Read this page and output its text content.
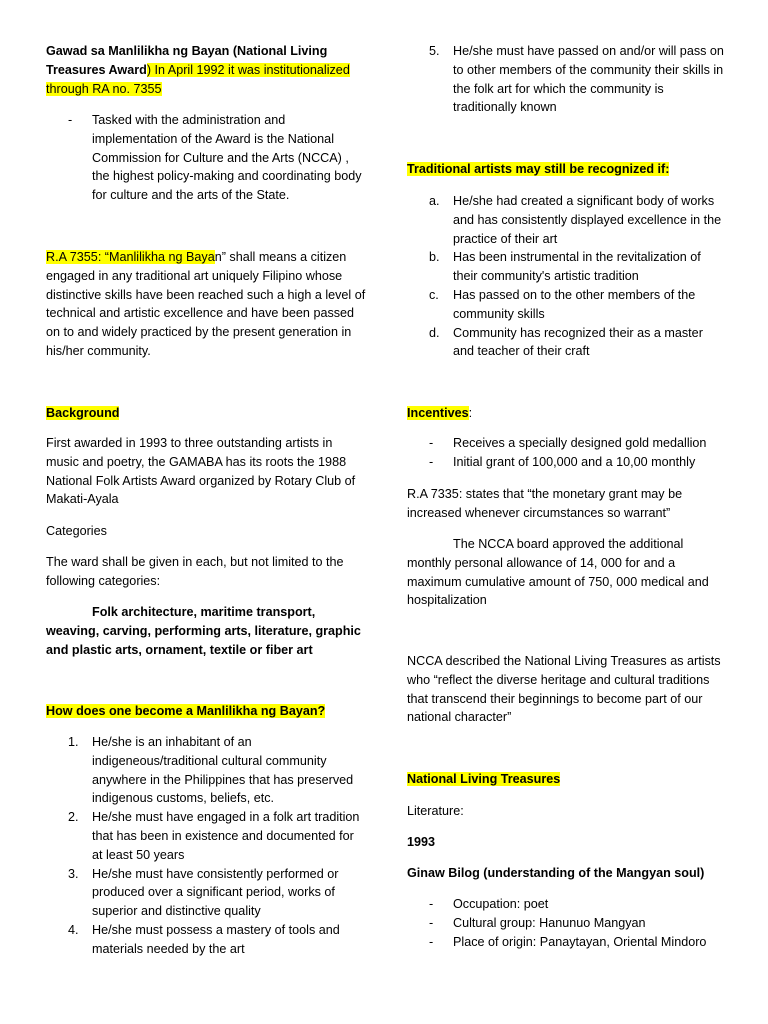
Gawad sa Manlilikha ng Bayan (National Living Treasures Award) In April 1992 it was institutionalized through RA no. 7355

- Tasked with the administration and implementation of the Award is the National Commission for Culture and the Arts (NCCA) , the highest policy-making and coordinating body for culture and the arts of the State.

R.A 7355: “Manlilikha ng Bayan” shall means a citizen engaged in any traditional art uniquely Filipino whose distinctive skills have been reached such a high a level of technical and artistic excellence and have been passed on to and widely practiced by the present generation in his/her community.

Background

First awarded in 1993 to three outstanding artists in music and poetry, the GAMABA has its roots the 1988 National Folk Artists Award organized by Rotary Club of Makati-Ayala

Categories

The ward shall be given in each, but not limited to the following categories:

Folk architecture, maritime transport, weaving, carving, performing arts, literature, graphic and plastic arts, ornament, textile or fiber art

How does one become a Manlilikha ng Bayan?

1. He/she is an inhabitant of an indigeneous/traditional cultural community anywhere in the Philippines that has preserved indigenous customs, beliefs, etc.
2. He/she must have engaged in a folk art tradition that has been in existence and documented for at least 50 years
3. He/she must have consistently performed or produced over a significant period, works of superior and distinctive quality
4. He/she must possess a mastery of tools and materials needed by the art
5. He/she must have passed on and/or will pass on to other members of the community their skills in the folk art for which the community is traditionally known

Traditional artists may still be recognized if:

a. He/she had created a significant body of works and has consistently displayed excellence in the practice of their art
b. Has been instrumental in the revitalization of their community's artistic tradition
c. Has passed on to the other members of the community skills
d. Community has recognized their as a master and teacher of their craft

Incentives:

- Receives a specially designed gold medallion
- Initial grant of 100,000 and a 10,00 monthly

R.A 7335: states that “the monetary grant may be increased whenever circumstances so warrant”

The NCCA board approved the additional monthly personal allowance of 14, 000 for and a maximum cumulative amount of 750, 000 medical and hospitalization

NCCA described the National Living Treasures as artists who “reflect the diverse heritage and cultural traditions that transcend their beginnings to become part of our national character”

National Living Treasures

Literature:

1993

Ginaw Bilog (understanding of the Mangyan soul)

- Occupation: poet
- Cultural group: Hanunuo Mangyan
- Place of origin: Panaytayan, Oriental Mindoro
